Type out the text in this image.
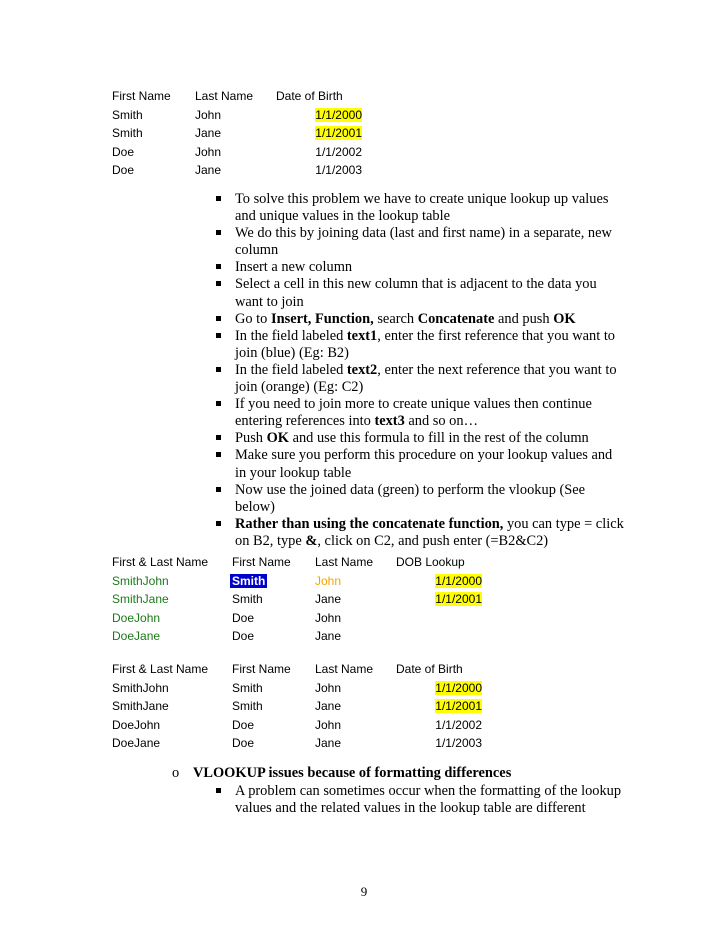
First Name Last Name Date of Birth
Smith	John	1/1/2000
Smith	Jane	1/1/2001
Doe	John	1/1/2002
Doe	Jane	1/1/2003
To solve this problem we have to create unique lookup up values and unique values in the lookup table
We do this by joining data (last and first name) in a separate, new column
Insert a new column
Select a cell in this new column that is adjacent to the data you want to join
Go to Insert, Function, search Concatenate and push OK
In the field labeled text1, enter the first reference that you want to join (blue) (Eg: B2)
In the field labeled text2, enter the next reference that you want to join (orange) (Eg: C2)
If you need to join more to create unique values then continue entering references into text3 and so on…
Push OK and use this formula to fill in the rest of the column
Make sure you perform this procedure on your lookup values and in your lookup table
Now use the joined data (green) to perform the vlookup (See below)
Rather than using the concatenate function, you can type = click on B2, type &, click on C2, and push enter (=B2&C2)
First & Last Name First Name Last Name DOB Lookup
SmithJohn	Smith	John	1/1/2000
SmithJane	Smith	Jane	1/1/2001
DoeJohn	Doe	John
DoeJane	Doe	Jane
First & Last Name First Name Last Name Date of Birth
SmithJohn	Smith	John	1/1/2000
SmithJane	Smith	Jane	1/1/2001
DoeJohn	Doe	John	1/1/2002
DoeJane	Doe	Jane	1/1/2003
o VLOOKUP issues because of formatting differences
A problem can sometimes occur when the formatting of the lookup values and the related values in the lookup table are different
9
